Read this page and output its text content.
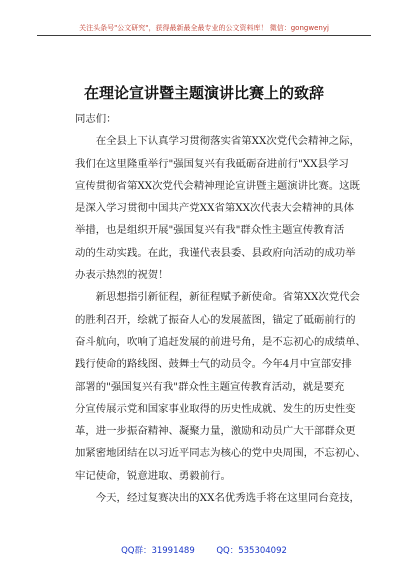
关注头条号"公文研究"，获得最新最全最专业的公文资料库！ 微信：gongwenyj
在理论宣讲暨主题演讲比赛上的致辞
同志们：
　　在全县上下认真学习贯彻落实省第XX次党代会精神之际，
我们在这里隆重举行"强国复兴有我砥砺奋进前行"XX县学习
宣传贯彻省第XX次党代会精神理论宣讲暨主题演讲比赛。这既
是深入学习贯彻中国共产党XX省第XX次代表大会精神的具体
举措，也是组织开展"强国复兴有我"群众性主题宣传教育活
动的生动实践。在此，我谨代表县委、县政府向活动的成功举
办表示热烈的祝贺！
　　新思想指引新征程，新征程赋予新使命。省第XX次党代会
的胜利召开，绘就了振奋人心的发展蓝图，锚定了砥砺前行的
奋斗航向，吹响了追赶发展的前进号角，是不忘初心的成绩单、
践行使命的路线图、鼓舞士气的动员令。今年4月中宣部安排
部署的"强国复兴有我"群众性主题宣传教育活动，就是要充
分宣传展示党和国家事业取得的历史性成就、发生的历史性变
革，进一步振奋精神、凝聚力量，激励和动员广大干部群众更
加紧密地团结在以习近平同志为核心的党中央周围，不忘初心、
牢记使命，锐意进取、勇毅前行。
　　今天，经过复赛决出的XX名优秀选手将在这里同台竞技，
QQ群：31991489        QQ：535304092
